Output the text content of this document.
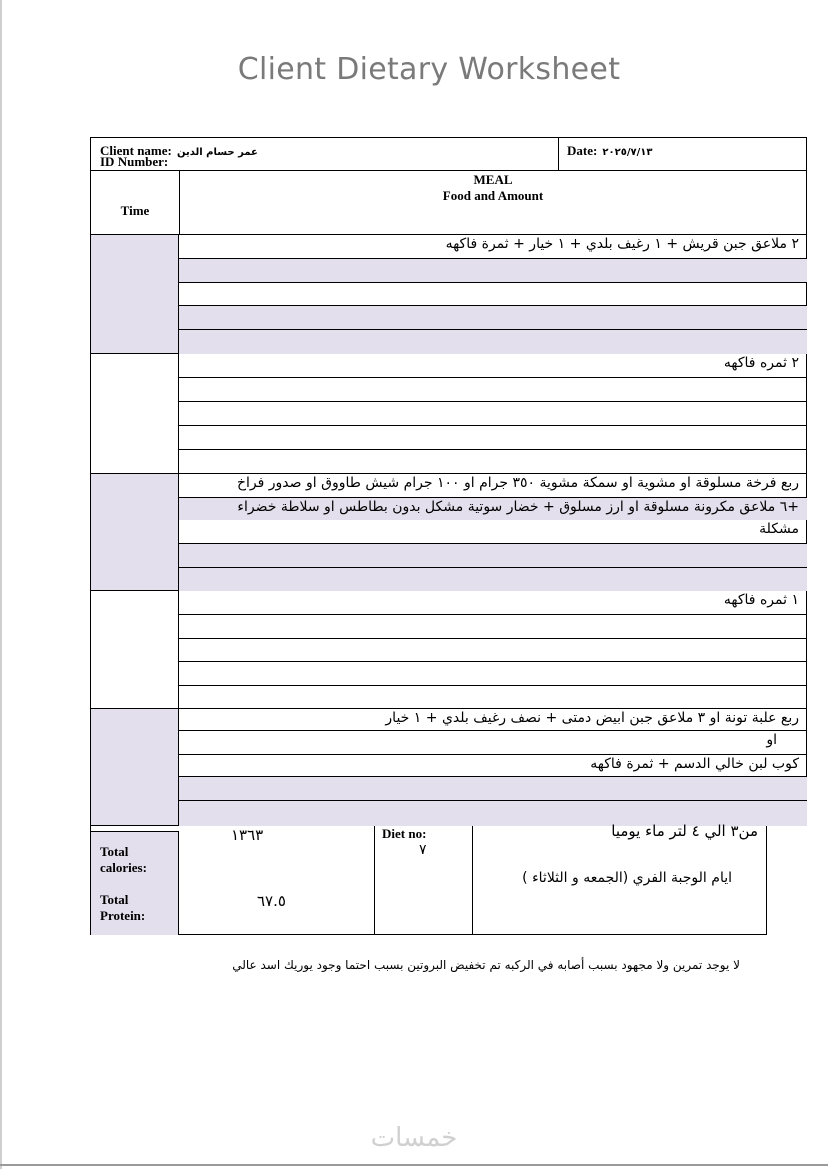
Client Dietary Worksheet
Client name: عمر حسام الدين
ID Number:
Date: ٢٠٢٥/٧/١٣
Time
MEAL
Food and Amount
٢ ملاعق جبن قريش + ١ رغيف بلدي + ١ خيار + ثمرة فاكهه
٢ ثمره فاكهه
ربع فرخة مسلوقة او مشوية او سمكة مشوية ٣٥٠ جرام او ١٠٠ جرام شيش طاووق او صدور فراخ
+٦ ملاعق مكرونة مسلوقة او ارز مسلوق + خضار سوتية مشكل بدون بطاطس او سلاطة خضراء
مشكلة
١ ثمره فاكهه
ربع علبة تونة او ٣ ملاعق جبن ابيض دمتى + نصف رغيف بلدي + ١ خيار
او
كوب لبن خالي الدسم + ثمرة فاكهه
Total calories:
Total Protein:
١٣٦٣
٦٧.٥
Diet no:
٧
من٣ الي ٤ لتر ماء يوميا
ايام الوجبة الفري (الجمعه و الثلاثاء )
لا يوجد تمرين ولا مجهود بسبب أصابه في الركبه تم تخفيض البروتين بسبب احتما وجود يوريك اسد عالي
خمسات
